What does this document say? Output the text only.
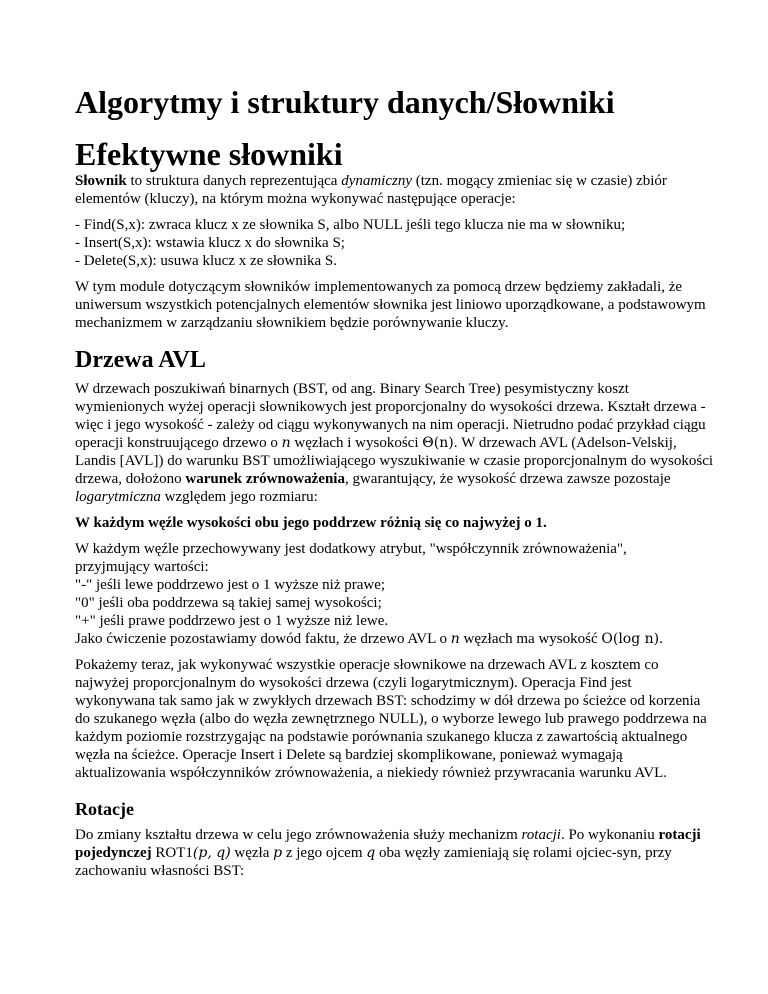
Algorytmy i struktury danych/Słowniki
Efektywne słowniki

Słownik to struktura danych reprezentująca dynamiczny (tzn. mogący zmieniac się w czasie) zbiór elementów (kluczy), na którym można wykonywać następujące operacje:

- Find(S,x): zwraca klucz x ze słownika S, albo NULL jeśli tego klucza nie ma w słowniku;
- Insert(S,x): wstawia klucz x do słownika S;
- Delete(S,x): usuwa klucz x ze słownika S.

W tym module dotyczącym słowników implementowanych za pomocą drzew będziemy zakładali, że uniwersum wszystkich potencjalnych elementów słownika jest liniowo uporządkowane, a podstawowym mechanizmem w zarządzaniu słownikiem będzie porównywanie kluczy.

Drzewa AVL

W drzewach poszukiwań binarnych (BST, od ang. Binary Search Tree) pesymistyczny koszt wymienionych wyżej operacji słownikowych jest proporcjonalny do wysokości drzewa. Kształt drzewa - więc i jego wysokość - zależy od ciągu wykonywanych na nim operacji. Nietrudno podać przykład ciągu operacji konstruującego drzewo o n węzłach i wysokości Θ(n). W drzewach AVL (Adelson-Velskij, Landis [AVL]) do warunku BST umożliwiającego wyszukiwanie w czasie proporcjonalnym do wysokości drzewa, dołożono warunek zrównoważenia, gwarantujący, że wysokość drzewa zawsze pozostaje logarytmiczna względem jego rozmiaru:

W każdym węźle wysokości obu jego poddrzew różnią się co najwyżej o 1.

W każdym węźle przechowywany jest dodatkowy atrybut, "współczynnik zrównoważenia",
przyjmujący wartości:
"-" jeśli lewe poddrzewo jest o 1 wyższe niż prawe;
"0" jeśli oba poddrzewa są takiej samej wysokości;
"+" jeśli prawe poddrzewo jest o 1 wyższe niż lewe.
Jako ćwiczenie pozostawiamy dowód faktu, że drzewo AVL o n węzłach ma wysokość O(log n).

Pokażemy teraz, jak wykonywać wszystkie operacje słownikowe na drzewach AVL z kosztem co najwyżej proporcjonalnym do wysokości drzewa (czyli logarytmicznym). Operacja Find jest wykonywana tak samo jak w zwykłych drzewach BST: schodzimy w dół drzewa po ścieżce od korzenia do szukanego węzła (albo do węzła zewnętrznego NULL), o wyborze lewego lub prawego poddrzewa na każdym poziomie rozstrzygając na podstawie porównania szukanego klucza z zawartością aktualnego węzła na ścieżce. Operacje Insert i Delete są bardziej skomplikowane, ponieważ wymagają aktualizowania współczynników zrównoważenia, a niekiedy również przywracania warunku AVL.

Rotacje

Do zmiany kształtu drzewa w celu jego zrównoważenia służy mechanizm rotacji. Po wykonaniu rotacji pojedynczej ROT1(p, q) węzła p z jego ojcem q oba węzły zamieniają się rolami ojciec-syn, przy zachowaniu własności BST:
